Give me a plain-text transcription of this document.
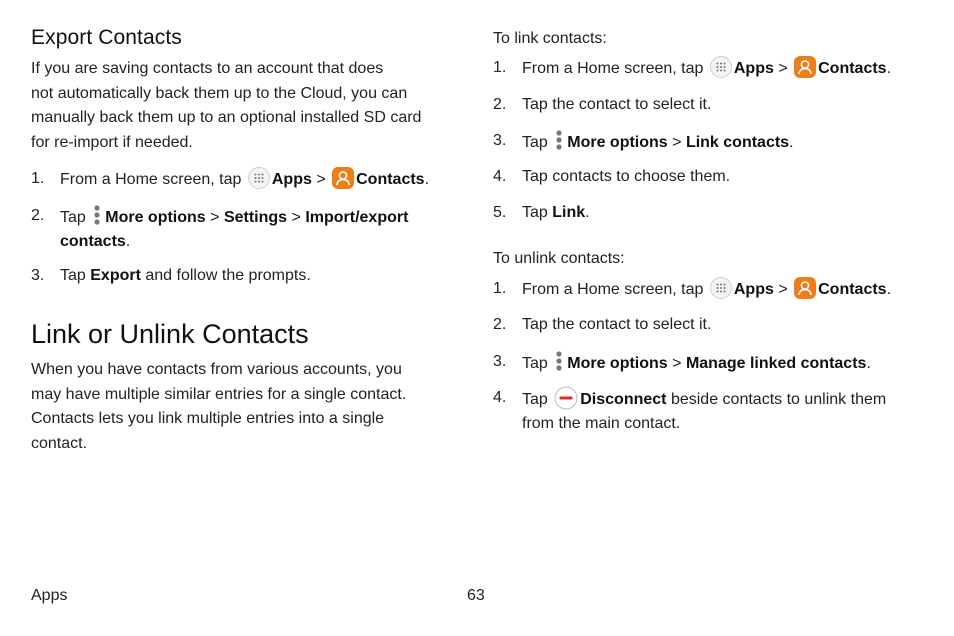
Export Contacts

If you are saving contacts to an account that does
not automatically back them up to the Cloud, you can
manually back them up to an optional installed SD card
for re-import if needed.

1. From a Home screen, tap Apps > Contacts.
2. Tap More options > Settings > Import/export
contacts.
3. Tap Export and follow the prompts.
Link or Unlink Contacts

When you have contacts from various accounts, you
may have multiple similar entries for a single contact.
Contacts lets you link multiple entries into a single
contact.

To link contacts:
1. From a Home screen, tap Apps > Contacts.
2. Tap the contact to select it.
3. Tap More options > Link contacts.
4. Tap contacts to choose them.
5. Tap Link.
To unlink contacts:
1. From a Home screen, tap Apps > Contacts.
2. Tap the contact to select it.
3. Tap More options > Manage linked contacts.
4. Tap Disconnect beside contacts to unlink them
from the main contact.
Apps	63
